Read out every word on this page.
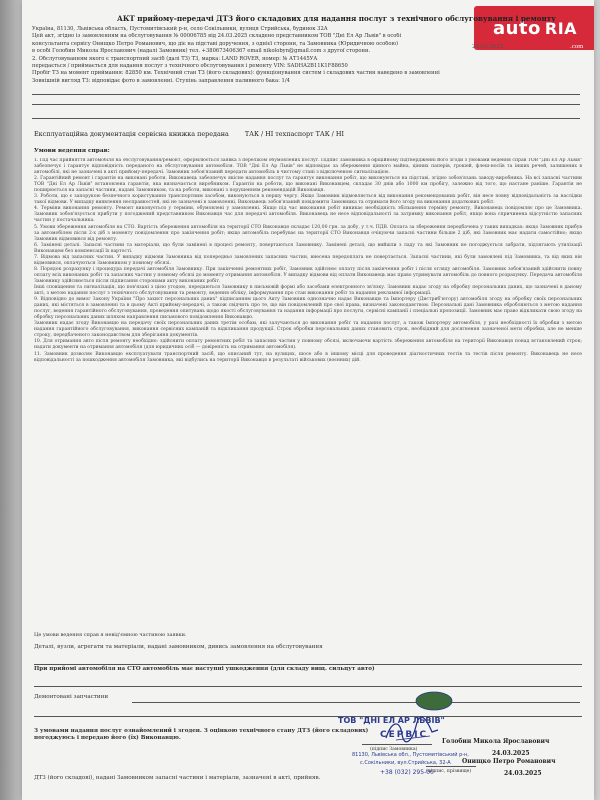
auto RIA
24.03.2025	.com
АКТ прийому-передачі ДТЗ його складових для надання послуг з технічного обслуговування і ремонту
Україна, 81130, Львівська область, Пустомитівський р-н, село Сокільники, вулиця Стрийська, будинок 32А
Цей акт, згідно із замовленням на обслуговування № 00006785 від 24.03.2025 складено представником ТОВ "Дні Ел Ар Львів" в особі
консультанта сервісу Онищко Петро Романович, що діє на підставі доручення, з однієї сторони, та Замовника (Юридичною особою)
в особі Голобин Микола Ярославович (надалі Замовник) тел. +380673406367 email nikolobyn@gmail.com з другої сторони.
2. Обслуговуванням якого є транспортний засіб (далі ТЗ) ТЗ, марка: LAND ROVER, номер: № АТ1445УА
передається / приймається для надання послуг з технічного обслуговування і ремонту VIN: SADHA2B11K1F88650
Пробіг ТЗ на момент приймання: 82850 км. Технічний стан ТЗ (його складових): функціонування систем і складових частин наведено в замовленні
Зовнішній вигляд ТЗ: відповідає фото в замовленні. Ступінь заправлення паливного бака: 1/4
Експлуатаційна документація сервісна книжка передана	ТАК / НІ техпаспорт ТАК / НІ
Умови ведення справ:

1. Під час прийняття автомобіля на обслуговування/ремонт, оформлюється заявка з переліком обумовлених послуг. Підпис Замовника в офіційному підтвердженні його згоди з умовами ведення справ ТОВ "Дні Ел Ар Львів" забезпечує і гарантує відповідність переданого на обслуговування автомобіля. ТОВ "Дні Ел Ар Львів" не відповідає за збереження цінного майна, цінних паперів, грошей, флеш-носіїв та інших речей, залишених в автомобілі, які не зазначені в акті прийому-передачі. Замовник зобов'язаний передати автомобіль в чистому стані з відключеною сигналізацією.

2. Гарантійний ремонт і гарантія на виконані роботи. Виконавець забезпечує якісне надання послуг та гарантує виконання робіт, що виконуються на підставі, згідно зобов'язань заводу-виробника. На всі запасні частини ТОВ "Дні Ел Ар Львів" встановлена гарантія, яка визначається виробником. Гарантія на роботи, що виконані Виконавцем, складає 30 днів або 1000 км пробігу, залежно від того, що настане раніше. Гарантія не поширюється на запасні частини, надані Замовником, та на роботи, виконані з порушенням рекомендацій Виконавця.

3. Роботи, що є запорукою безпечного користування транспортним засобом, виконуються в першу чергу. Якщо Замовник відмовляється від виконання рекомендованих робіт, він несе повну відповідальність за наслідки такої відмови. У випадку виявлення несправностей, які не зазначені в замовленні, Виконавець зобов'язаний повідомити Замовника та отримати його згоду на виконання додаткових робіт.

4. Терміни виконання ремонту. Ремонт виконується у терміни, обумовлені у замовленні. Якщо під час виконання робіт виникає необхідність збільшення терміну ремонту, Виконавець повідомляє про це Замовника. Замовник зобов'язується прибути у погоджений представником Виконавця час для передачі автомобіля. Виконавець не несе відповідальності за затримку виконання робіт, якщо вона спричинена відсутністю запасних частин у постачальника.

5. Умови збереження автомобіля на СТО. Вартість збереження автомобіля на території СТО Виконавця складає 120,00 грн. за добу, у т.ч. ПДВ. Оплата за збереження передбачена у таких випадках: якщо Замовник прибув за автомобілем після 2-х діб з моменту повідомлення про закінчення робіт; якщо автомобіль перебуває на території СТО Виконавця очікуючи запасні частини більше 2 діб, які Замовник має надати самостійно; якщо Замовник відмовився від ремонту.

6. Замінені деталі. Запасні частини та матеріали, що були замінені в процесі ремонту, повертаються Замовнику. Замінені деталі, що вийшли з ладу та які Замовник не погоджується забрати, підлягають утилізації Виконавцем без компенсації їх вартості.

7. Відмова від запасних частин. У випадку відмови Замовника від попередньо замовлених запасних частин, внесена передоплата не повертається. Запасні частини, які були замовлені під Замовника, та від яких він відмовився, оплачуються Замовником у повному обсязі.

8. Порядок розрахунку і процедура передачі автомобіля Замовнику. При закінченні ремонтних робіт, Замовник здійснює оплату після закінчення робіт і після огляду автомобіля. Замовник зобов'язаний здійснити повну оплату всіх виконаних робіт та запасних частин у повному обсязі до моменту отримання автомобіля. У випадку відмови від оплати Виконавець має право утримувати автомобіль до повного розрахунку. Передача автомобіля Замовнику здійснюється після підписання сторонами акту виконаних робіт.

Інші сповіщення та сигналізація, що пов'язані з цією угодою, передаються Замовнику в письмовій формі або засобами електронного зв'язку. Замовник надає згоду на обробку персональних даних, що зазначені в даному акті, з метою надання послуг з технічного обслуговування та ремонту, ведення обліку, інформування про стан виконання робіт та надання рекламної інформації.

9. Відповідно до вимог Закону України "Про захист персональних даних" підписанням цього Акту Замовник однозначно надає Виконавцю та Імпортеру (Дистриб'ютору) автомобіля згоду на обробку своїх персональних даних, які містяться в замовленні та в цьому Акті прийому-передачі, а також свідчить про те, що він повідомлений про свої права, визначені законодавством. Персональні дані Замовника обробляються з метою надання послуг, ведення гарантійного обслуговування, проведення опитувань щодо якості обслуговування та надання інформації про послуги, сервісні кампанії і спеціальні пропозиції. Замовник має право відкликати свою згоду на обробку персональних даних шляхом направлення письмового повідомлення Виконавцю.

Замовник надає згоду Виконавцю на передачу своїх персональних даних третім особам, які залучаються до виконання робіт та надання послуг, а також Імпортеру автомобіля, у разі необхідності їх обробки з метою надання гарантійного обслуговування, виконання сервісних кампаній та відкликання продукції. Строк обробки персональних даних становить строк, необхідний для досягнення зазначеної мети обробки, але не менше строку, передбаченого законодавством для зберігання документів.

10. Для отримання авто після ремонту необхідно: здійснити оплату ремонтних робіт та запасних частин у повному обсязі, включаючи вартість збереження автомобіля на території Виконавця понад встановлений строк; надати документи на отримання автомобіля (для юридичних осіб — довіреність на отримання автомобіля).

11. Замовник дозволяє Виконавцю експлуатувати транспортний засіб, що описаний тут, на вулицях, шосе або в іншому місці для проведення діагностичних тестів та тестів після ремонту. Виконавець не несе відповідальності за пошкодження автомобіля Замовника, які відбулись на території Виконавця в результаті військових (воєнних) дій.

Це умови ведення справ я невід'ємною частиною заявки.
Деталі, вузли, агрегати та матеріали, надані замовником, дивись замовлення на обслуговування
При прийомі автомобіля на СТО автомобіль має наступні ушкодження (для складу вищ. сильцут авто)
Демонтовані запчастини
З умовами надання послуг ознайомлений і згоден. З оцінкою технічного стану ДТЗ (його складових)
погоджуюсь і передаю його (їх) Виконавцю.
(підпис Замовника)
Голобин Микола Ярославович
24.03.2025
ДТЗ (його складові), надані Замовником запасні частини і матеріали, зазначені в акті, прийняв.
ТОВ "ДНІ ЕЛ АР ЛЬВІВ"
СЕРВІС
81130, Львівська обл., Пустомитівський р-н,
с.Сокільники, вул.Стрийська, 32-А
+38 (032) 295-00
(підпис, прізвище)
Онищко Петро Романович
24.03.2025
